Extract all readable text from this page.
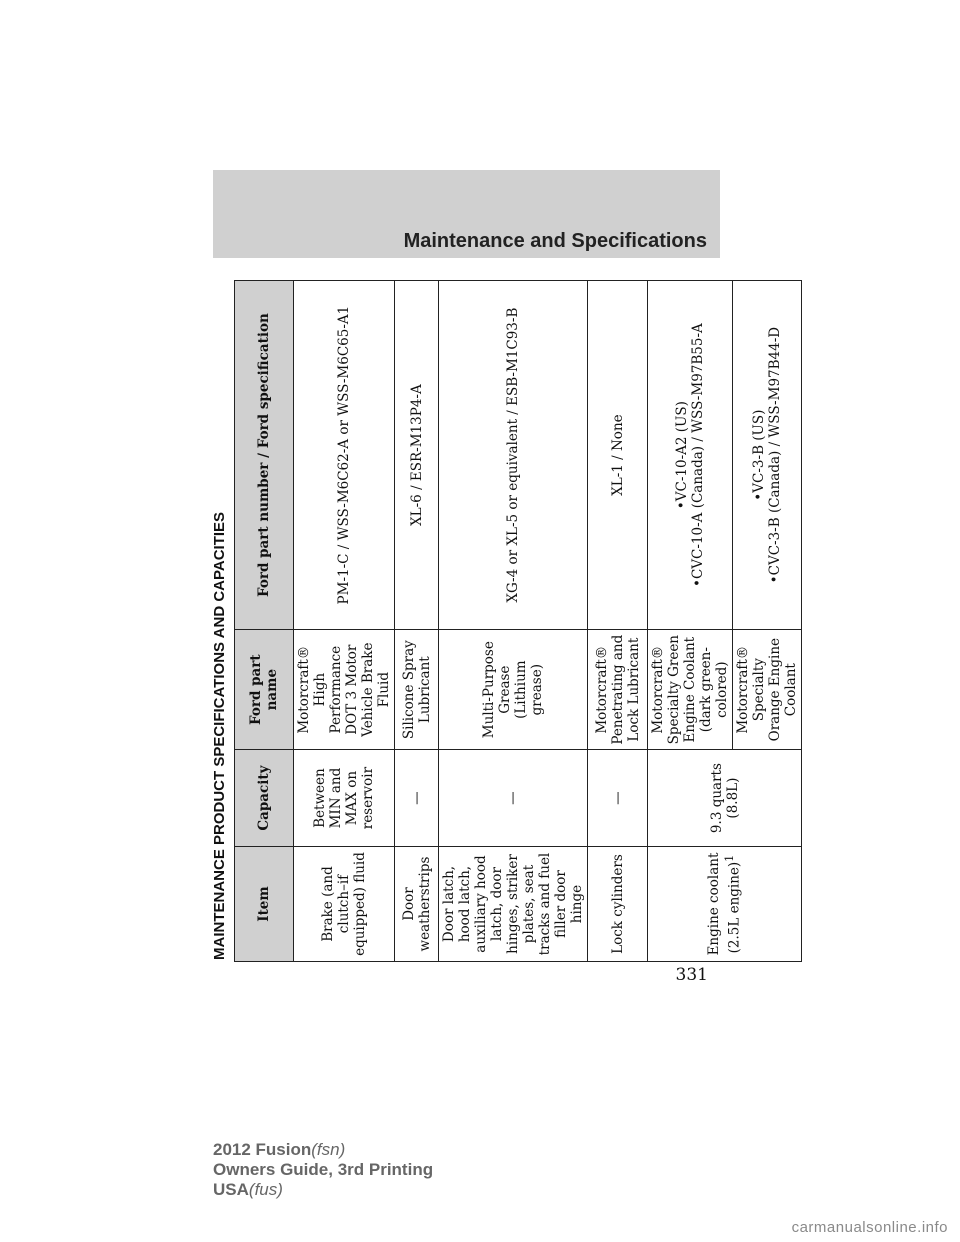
Maintenance and Specifications
MAINTENANCE PRODUCT SPECIFICATIONS AND CAPACITIES	Item	Capacity	Ford part name	Ford part number / Ford specification
Brake (and clutch–if equipped) fluid	Between MIN and MAX on reservoir	Motorcraft® High Performance DOT 3 Motor Vehicle Brake Fluid	PM-1-C / WSS-M6C62-A or WSS-M6C65-A1
Door weatherstrips	—	Silicone Spray Lubricant	XL-6 / ESR-M13P4-A
Door latch, hood latch, auxiliary hood latch, door hinges, striker plates, seat tracks and fuel filler door hinge	—	Multi-Purpose Grease (Lithium grease)	XG-4 or XL-5 or equivalent / ESB-M1C93-B
Lock cylinders	—	Motorcraft® Penetrating and Lock Lubricant	XL-1 / None
Engine coolant (2.5L engine)$^1$	9.3 quarts (8.8L)	Motorcraft® Specialty Green Engine Coolant (dark green-colored)	•VC-10-A2 (US)
•CVC-10-A (Canada) / WSS-M97B55-A

		Motorcraft® Specialty Orange Engine Coolant	•VC-3-B (US)
•CVC-3-B (Canada) / WSS-M97B44-D
331
2012 Fusion(fsn)
Owners Guide, 3rd Printing
USA(fus)
carmanualsonline.info
